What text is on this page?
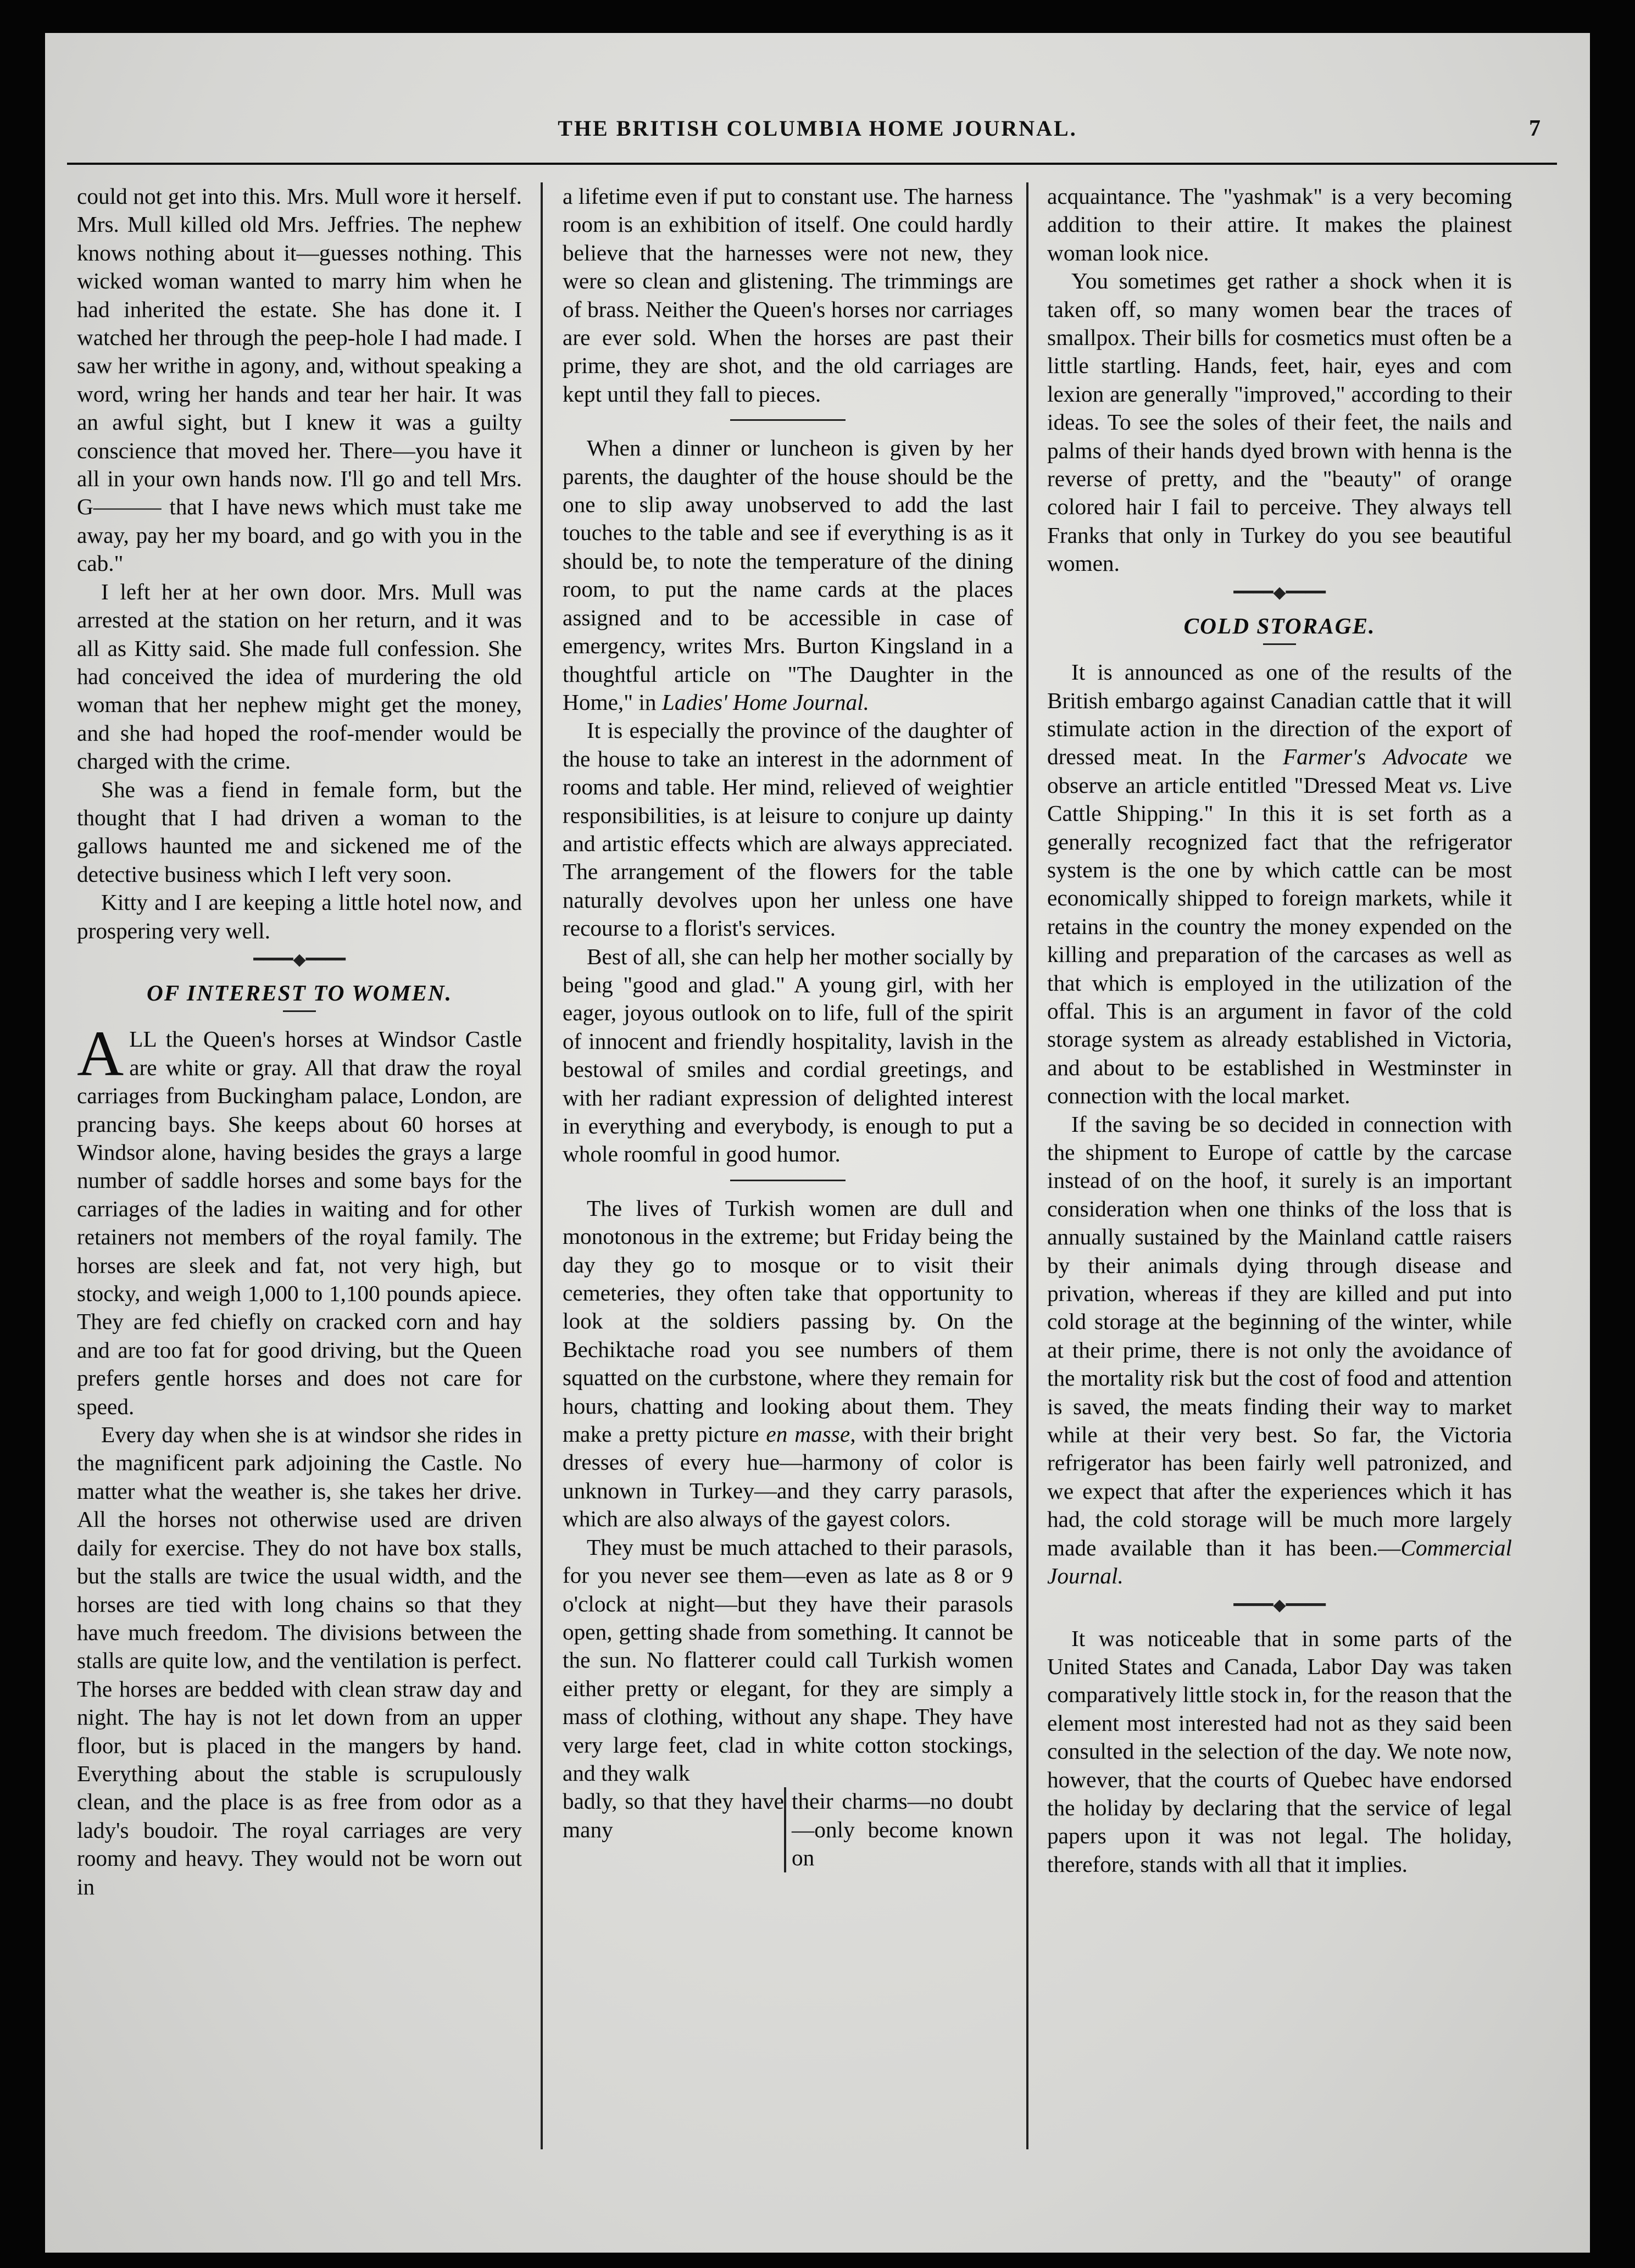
THE BRITISH COLUMBIA HOME JOURNAL.	7

could not get into this. Mrs. Mull wore it herself. Mrs. Mull killed old Mrs. Jeffries. The nephew knows nothing about it—guesses nothing. This wicked woman wanted to marry him when he had inherited the estate. She has done it. I watched her through the peep-hole I had made. I saw her writhe in agony, and, without speaking a word, wring her hands and tear her hair. It was an awful sight, but I knew it was a guilty conscience that moved her. There—you have it all in your own hands now. I'll go and tell Mrs. G——— that I have news which must take me away, pay her my board, and go with you in the cab."

I left her at her own door. Mrs. Mull was arrested at the station on her return, and it was all as Kitty said. She made full confession. She had conceived the idea of murdering the old woman that her nephew might get the money, and she had hoped the roof-mender would be charged with the crime.

She was a fiend in female form, but the thought that I had driven a woman to the gallows haunted me and sickened me of the detective business which I left very soon.

Kitty and I are keeping a little hotel now, and prospering very well.

━━━━◆━━━━
OF INTEREST TO WOMEN.

ALL the Queen's horses at Windsor Castle are white or gray. All that draw the royal carriages from Buckingham palace, London, are prancing bays. She keeps about 60 horses at Windsor alone, having besides the grays a large number of saddle horses and some bays for the carriages of the ladies in waiting and for other retainers not members of the royal family. The horses are sleek and fat, not very high, but stocky, and weigh 1,000 to 1,100 pounds apiece. They are fed chiefly on cracked corn and hay and are too fat for good driving, but the Queen prefers gentle horses and does not care for speed.

Every day when she is at windsor she rides in the magnificent park adjoining the Castle. No matter what the weather is, she takes her drive. All the horses not otherwise used are driven daily for exercise. They do not have box stalls, but the stalls are twice the usual width, and the horses are tied with long chains so that they have much freedom. The divisions between the stalls are quite low, and the ventilation is perfect. The horses are bedded with clean straw day and night. The hay is not let down from an upper floor, but is placed in the mangers by hand. Everything about the stable is scrupulously clean, and the place is as free from odor as a lady's boudoir. The royal carriages are very roomy and heavy. They would not be worn out in

a lifetime even if put to constant use. The harness room is an exhibition of itself. One could hardly believe that the harnesses were not new, they were so clean and glistening. The trimmings are of brass. Neither the Queen's horses nor carriages are ever sold. When the horses are past their prime, they are shot, and the old carriages are kept until they fall to pieces.

When a dinner or luncheon is given by her parents, the daughter of the house should be the one to slip away unobserved to add the last touches to the table and see if everything is as it should be, to note the temperature of the dining room, to put the name cards at the places assigned and to be accessible in case of emergency, writes Mrs. Burton Kingsland in a thoughtful article on "The Daughter in the Home," in Ladies' Home Journal.

It is especially the province of the daughter of the house to take an interest in the adornment of rooms and table. Her mind, relieved of weightier responsibilities, is at leisure to conjure up dainty and artistic effects which are always appreciated. The arrangement of the flowers for the table naturally devolves upon her unless one have recourse to a florist's services.

Best of all, she can help her mother socially by being "good and glad." A young girl, with her eager, joyous outlook on to life, full of the spirit of innocent and friendly hospitality, lavish in the bestowal of smiles and cordial greetings, and with her radiant expression of delighted interest in everything and everybody, is enough to put a whole roomful in good humor.

The lives of Turkish women are dull and monotonous in the extreme; but Friday being the day they go to mosque or to visit their cemeteries, they often take that opportunity to look at the soldiers passing by. On the Bechiktache road you see numbers of them squatted on the curbstone, where they remain for hours, chatting and looking about them. They make a pretty picture en masse, with their bright dresses of every hue—harmony of color is unknown in Turkey—and they carry parasols, which are also always of the gayest colors.

They must be much attached to their parasols, for you never see them—even as late as 8 or 9 o'clock at night—but they have their parasols open, getting shade from something. It cannot be the sun. No flatterer could call Turkish women either pretty or elegant, for they are simply a mass of clothing, without any shape. They have very large feet, clad in white cotton stockings, and they walk

badly, so that they have many
their charms—no doubt —only become known on

acquaintance. The "yashmak" is a very becoming addition to their attire. It makes the plainest woman look nice.

You sometimes get rather a shock when it is taken off, so many women bear the traces of smallpox. Their bills for cosmetics must often be a little startling. Hands, feet, hair, eyes and com lexion are generally "improved," according to their ideas. To see the soles of their feet, the nails and palms of their hands dyed brown with henna is the reverse of pretty, and the "beauty" of orange colored hair I fail to perceive. They always tell Franks that only in Turkey do you see beautiful women.

━━━━◆━━━━
COLD STORAGE.

It is announced as one of the results of the British embargo against Canadian cattle that it will stimulate action in the direction of the export of dressed meat. In the Farmer's Advocate we observe an article entitled "Dressed Meat vs. Live Cattle Shipping." In this it is set forth as a generally recognized fact that the refrigerator system is the one by which cattle can be most economically shipped to foreign markets, while it retains in the country the money expended on the killing and preparation of the carcases as well as that which is employed in the utilization of the offal. This is an argument in favor of the cold storage system as already established in Victoria, and about to be established in Westminster in connection with the local market.

If the saving be so decided in connection with the shipment to Europe of cattle by the carcase instead of on the hoof, it surely is an important consideration when one thinks of the loss that is annually sustained by the Mainland cattle raisers by their animals dying through disease and privation, whereas if they are killed and put into cold storage at the beginning of the winter, while at their prime, there is not only the avoidance of the mortality risk but the cost of food and attention is saved, the meats finding their way to market while at their very best. So far, the Victoria refrigerator has been fairly well patronized, and we expect that after the experiences which it has had, the cold storage will be much more largely made available than it has been.—Commercial Journal.

━━━━◆━━━━

It was noticeable that in some parts of the United States and Canada, Labor Day was taken comparatively little stock in, for the reason that the element most interested had not as they said been consulted in the selection of the day. We note now, however, that the courts of Quebec have endorsed the holiday by declaring that the service of legal papers upon it was not legal. The holiday, therefore, stands with all that it implies.
